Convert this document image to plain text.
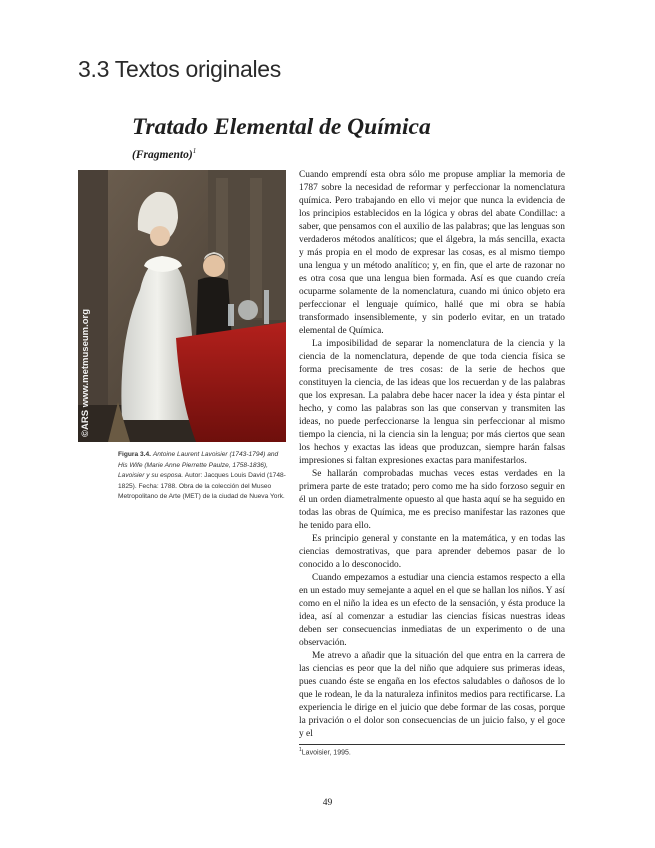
3.3 Textos originales
Tratado Elemental de Química
(Fragmento)$^1$
©ARS www.metmuseum.org

Figura 3.4. Antoine Laurent Lavoisier (1743-1794) and His Wife (Marie Anne Pierrette Paulze, 1758-1836), Lavoisier y su esposa. Autor: Jacques Louis David (1748-1825). Fecha: 1788. Obra de la colección del Museo Metropolitano de Arte (MET) de la ciudad de Nueva York.

Cuando emprendí esta obra sólo me propuse ampliar la memoria de 1787 sobre la necesidad de reformar y perfeccionar la nomenclatura química. Pero trabajando en ello vi mejor que nunca la evidencia de los principios establecidos en la lógica y obras del abate Condillac: a saber, que pensamos con el auxilio de las palabras; que las lenguas son verdaderos métodos analíticos; que el álgebra, la más sencilla, exacta y más propia en el modo de expresar las cosas, es al mismo tiempo una lengua y un método analítico; y, en fin, que el arte de razonar no es otra cosa que una lengua bien formada. Así es que cuando creía ocuparme solamente de la nomenclatura, cuando mi único objeto era perfeccionar el lenguaje químico, hallé que mi obra se había transformado insensiblemente, y sin poderlo evitar, en un tratado elemental de Química.

La imposibilidad de separar la nomenclatura de la ciencia y la ciencia de la nomenclatura, depende de que toda ciencia física se forma precisamente de tres cosas: de la serie de hechos que constituyen la ciencia, de las ideas que los recuerdan y de las palabras que los expresan. La palabra debe hacer nacer la idea y ésta pintar el hecho, y como las palabras son las que conservan y transmiten las ideas, no puede perfeccionarse la lengua sin perfeccionar al mismo tiempo la ciencia, ni la ciencia sin la lengua; por más ciertos que sean los hechos y exactas las ideas que produzcan, siempre harán falsas impresiones si faltan expresiones exactas para manifestarlos.

Se hallarán comprobadas muchas veces estas verdades en la primera parte de este tratado; pero como me ha sido forzoso seguir en él un orden diametralmente opuesto al que hasta aquí se ha seguido en todas las obras de Química, me es preciso manifestar las razones que he tenido para ello.

Es principio general y constante en la matemática, y en todas las ciencias demostrativas, que para aprender debemos pasar de lo conocido a lo desconocido.

Cuando empezamos a estudiar una ciencia estamos respecto a ella en un estado muy semejante a aquel en el que se hallan los niños. Y así como en el niño la idea es un efecto de la sensación, y ésta produce la idea, así al comenzar a estudiar las ciencias físicas nuestras ideas deben ser consecuencias inmediatas de un experimento o de una observación.

Me atrevo a añadir que la situación del que entra en la carrera de las ciencias es peor que la del niño que adquiere sus primeras ideas, pues cuando éste se engaña en los efectos saludables o dañosos de lo que le rodean, le da la naturaleza infinitos medios para rectificarse. La experiencia le dirige en el juicio que debe formar de las cosas, porque la privación o el dolor son consecuencias de un juicio falso, y el goce y el

$^1$Lavoisier, 1995.
49
